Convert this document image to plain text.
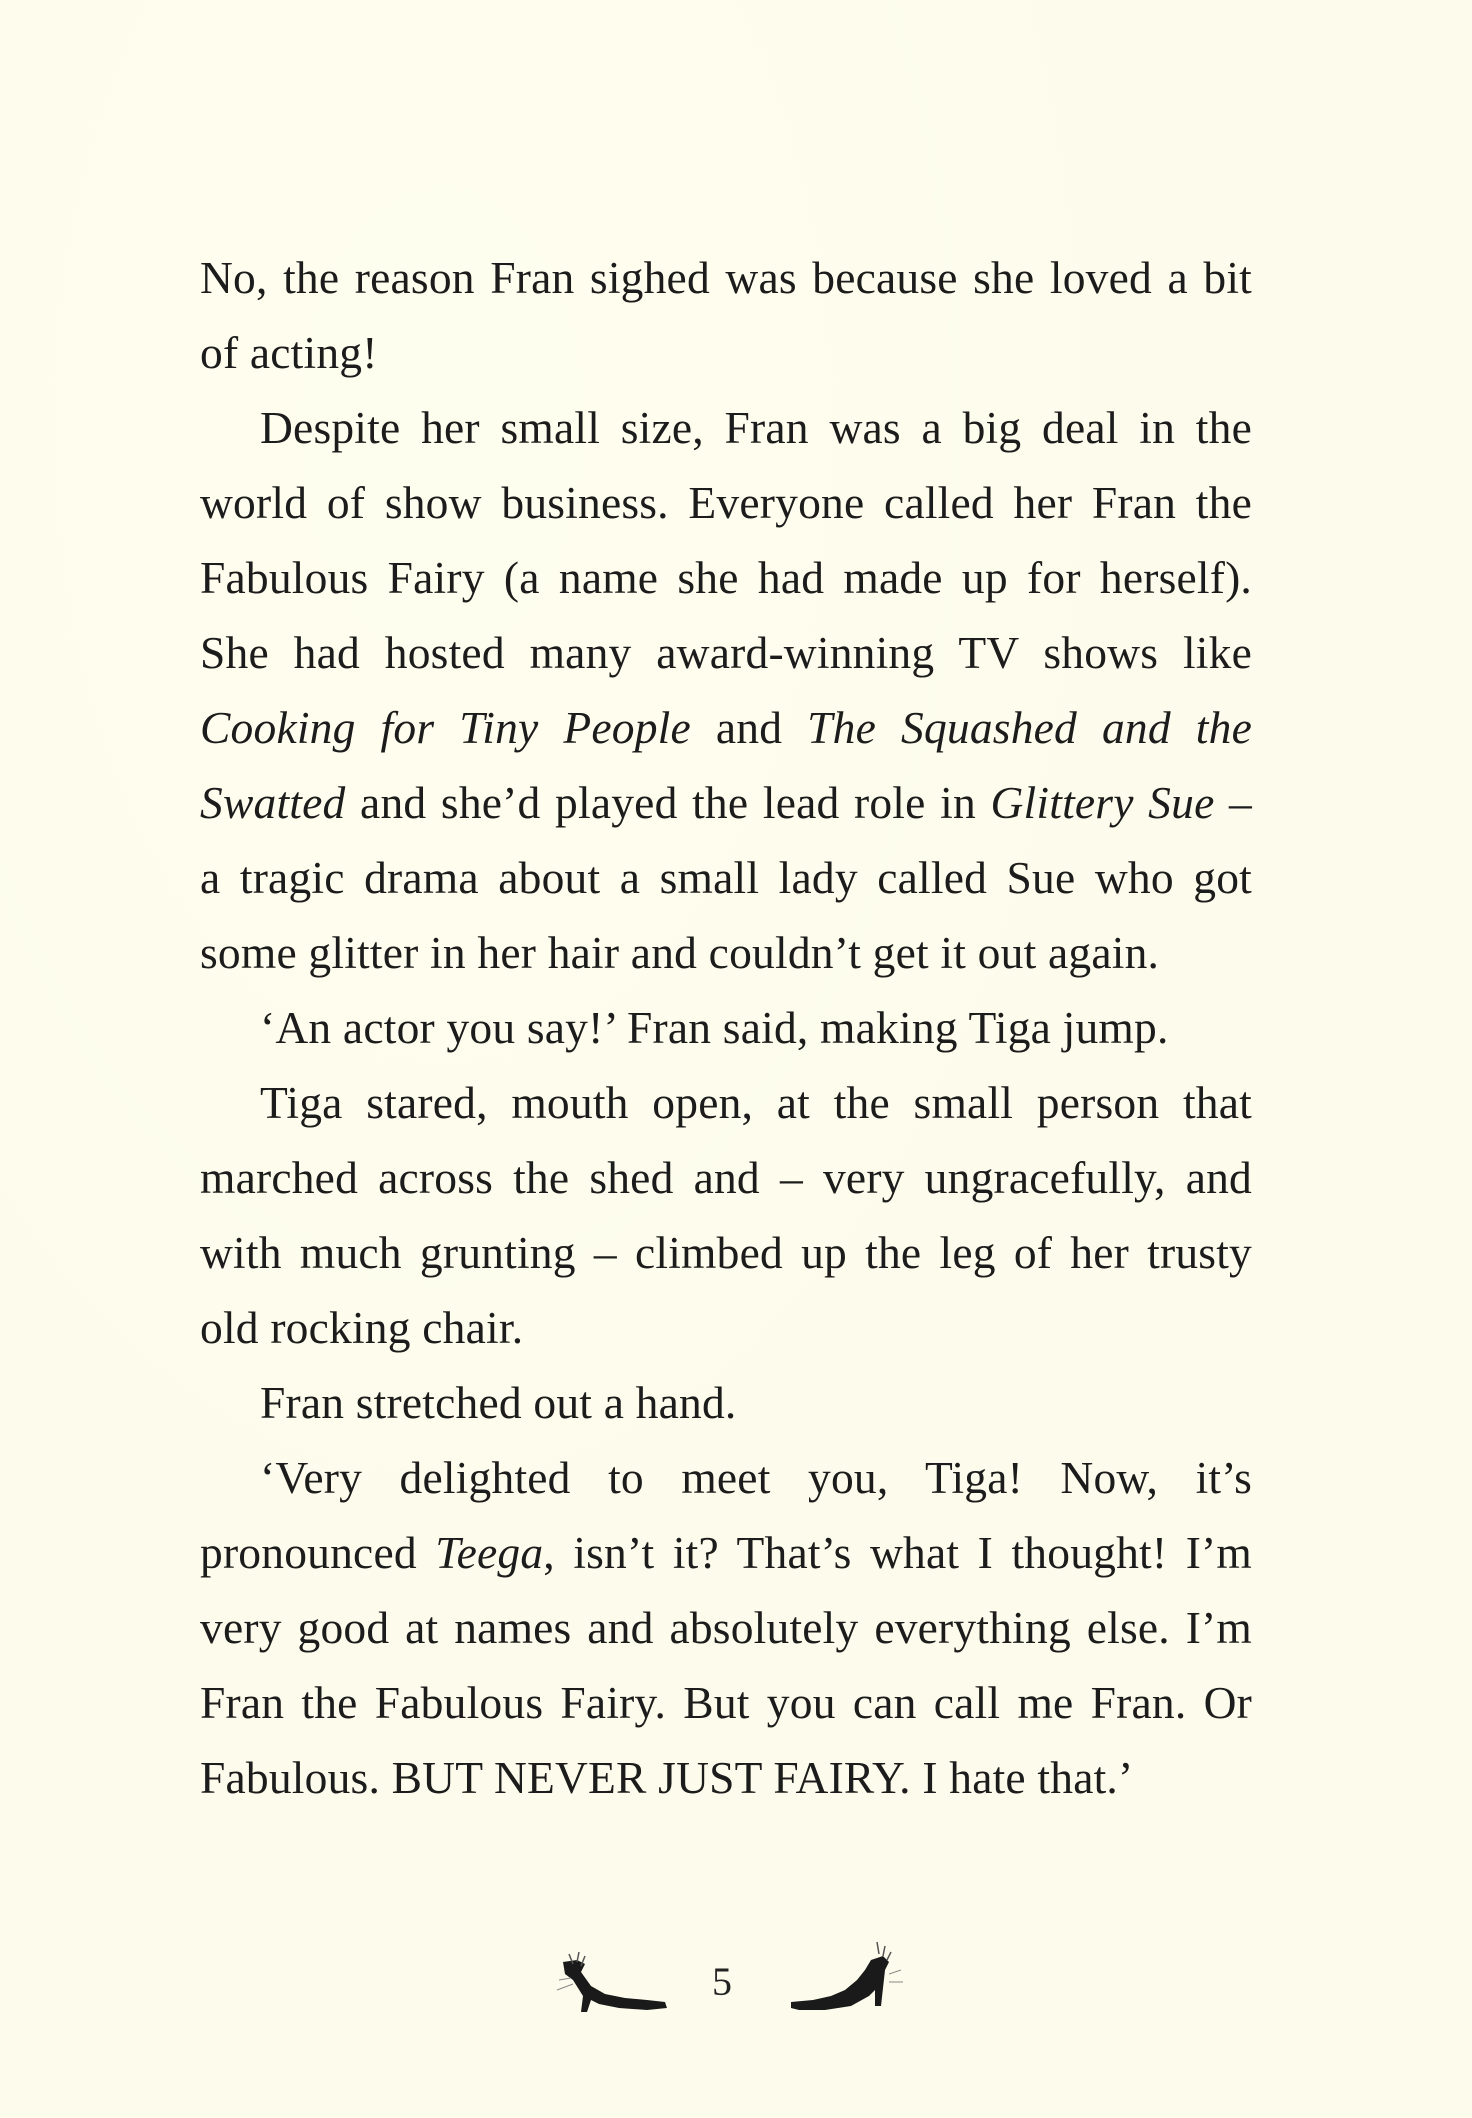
No, the reason Fran sighed was because she loved a bit of acting!

Despite her small size, Fran was a big deal in the world of show business. Everyone called her Fran the Fabulous Fairy (a name she had made up for herself). She had hosted many award-winning TV shows like Cooking for Tiny People and The Squashed and the Swatted and she’d played the lead role in Glittery Sue – a tragic drama about a small lady called Sue who got some glitter in her hair and couldn’t get it out again.

‘An actor you say!’ Fran said, making Tiga jump.

Tiga stared, mouth open, at the small person that marched across the shed and – very ungracefully, and with much grunting – climbed up the leg of her trusty old rocking chair.

Fran stretched out a hand.

‘Very delighted to meet you, Tiga! Now, it’s pronounced Teega, isn’t it? That’s what I thought! I’m very good at names and absolutely everything else. I’m Fran the Fabulous Fairy. But you can call me Fran. Or Fabulous. BUT NEVER JUST FAIRY. I hate that.’

5
